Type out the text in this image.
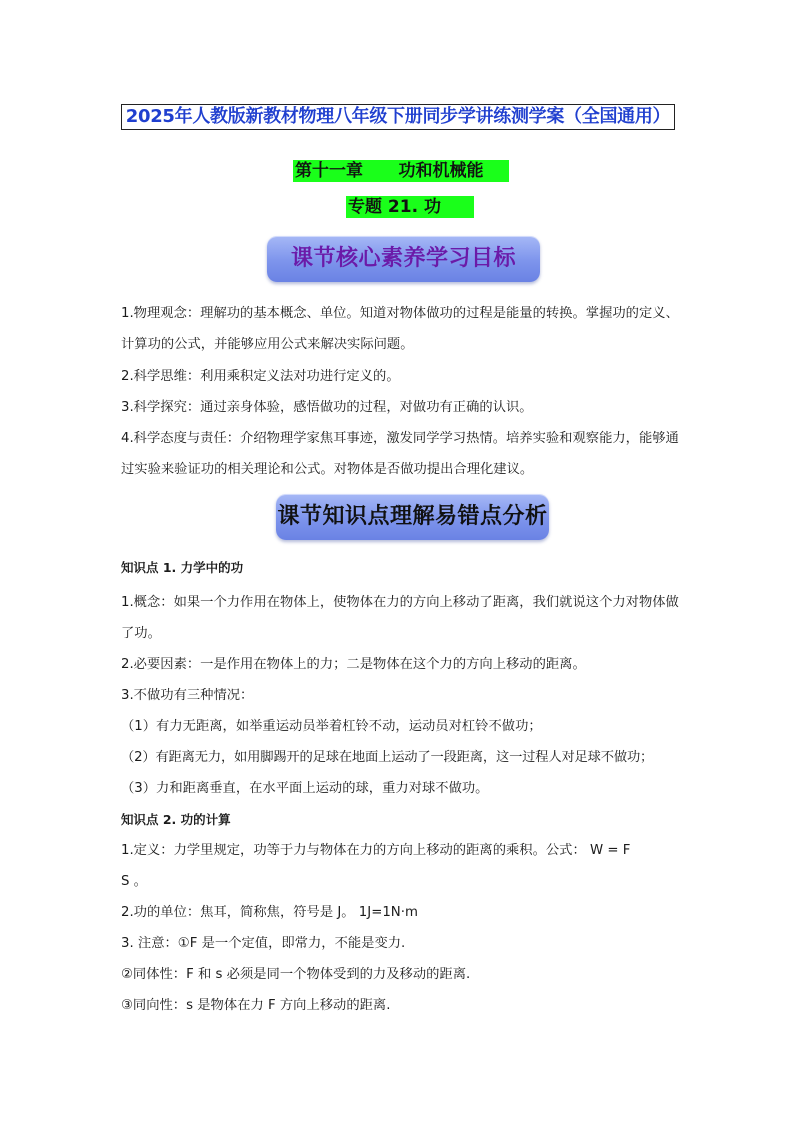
2025年人教版新教材物理八年级下册同步学讲练测学案（全国通用）
第十一章      功和机械能
专题 21. 功
课节核心素养学习目标
1.物理观念：理解功的基本概念、单位。知道对物体做功的过程是能量的转换。掌握功的定义、计算功的公式，并能够应用公式来解决实际问题。
2.科学思维：利用乘积定义法对功进行定义的。
3.科学探究：通过亲身体验，感悟做功的过程，对做功有正确的认识。
4.科学态度与责任：介绍物理学家焦耳事迹，激发同学学习热情。培养实验和观察能力，能够通过实验来验证功的相关理论和公式。对物体是否做功提出合理化建议。
课节知识点理解易错点分析
知识点 1. 力学中的功
1.概念：如果一个力作用在物体上，使物体在力的方向上移动了距离，我们就说这个力对物体做了功。
2.必要因素：一是作用在物体上的力；二是物体在这个力的方向上移动的距离。
3.不做功有三种情况：
（1）有力无距离，如举重运动员举着杠铃不动，运动员对杠铃不做功；
（2）有距离无力，如用脚踢开的足球在地面上运动了一段距离，这一过程人对足球不做功；
（3）力和距离垂直，在水平面上运动的球，重力对球不做功。
知识点 2. 功的计算
1.定义：力学里规定，功等于力与物体在力的方向上移动的距离的乘积。公式： W = F
S 。
2.功的单位：焦耳，简称焦，符号是 J。 1J=1N·m
3. 注意：①F 是一个定值，即常力，不能是变力.
②同体性：F 和 s 必须是同一个物体受到的力及移动的距离.
③同向性：s 是物体在力 F 方向上移动的距离.
